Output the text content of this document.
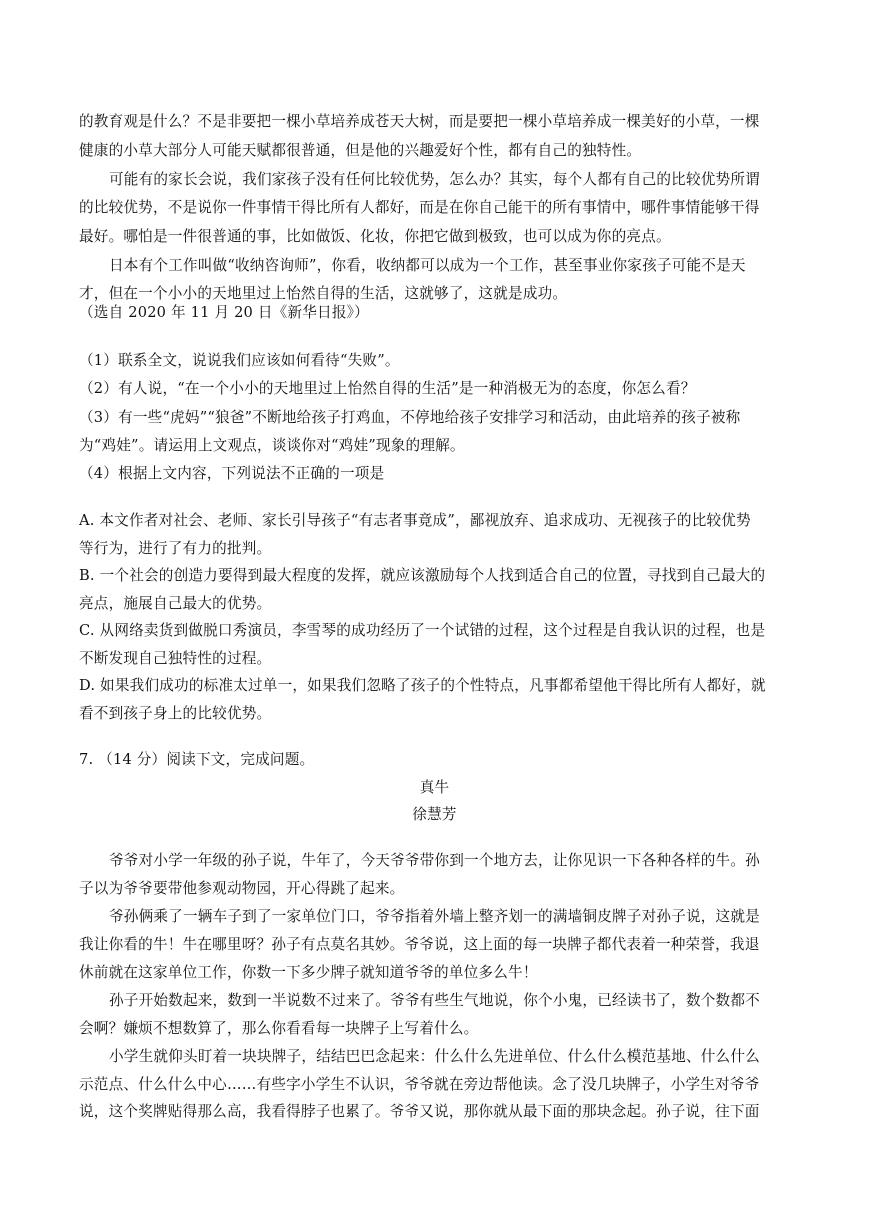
的教育观是什么？不是非要把一棵小草培养成苍天大树，而是要把一棵小草培养成一棵美好的小草，一棵
健康的小草大部分人可能天赋都很普通，但是他的兴趣爱好个性，都有自己的独特性。
可能有的家长会说，我们家孩子没有任何比较优势，怎么办？其实，每个人都有自己的比较优势所谓
的比较优势，不是说你一件事情干得比所有人都好，而是在你自己能干的所有事情中，哪件事情能够干得
最好。哪怕是一件很普通的事，比如做饭、化妆，你把它做到极致，也可以成为你的亮点。
日本有个工作叫做“收纳咨询师”，你看，收纳都可以成为一个工作，甚至事业你家孩子可能不是天
才，但在一个小小的天地里过上怡然自得的生活，这就够了，这就是成功。
（选自 2020 年 11 月 20 日《新华日报》）
（1）联系全文，说说我们应该如何看待“失败”。
（2）有人说，“在一个小小的天地里过上怡然自得的生活”是一种消极无为的态度，你怎么看？
（3）有一些“虎妈”“狼爸”不断地给孩子打鸡血，不停地给孩子安排学习和活动，由此培养的孩子被称
为“鸡娃”。请运用上文观点，谈谈你对“鸡娃”现象的理解。
（4）根据上文内容，下列说法不正确的一项是
A. 本文作者对社会、老师、家长引导孩子“有志者事竟成”，鄙视放弃、追求成功、无视孩子的比较优势
等行为，进行了有力的批判。
B. 一个社会的创造力要得到最大程度的发挥，就应该激励每个人找到适合自己的位置，寻找到自己最大的
亮点，施展自己最大的优势。
C. 从网络卖货到做脱口秀演员，李雪琴的成功经历了一个试错的过程，这个过程是自我认识的过程，也是
不断发现自己独特性的过程。
D. 如果我们成功的标准太过单一，如果我们忽略了孩子的个性特点，凡事都希望他干得比所有人都好，就
看不到孩子身上的比较优势。
7. （14 分）阅读下文，完成问题。
真牛
徐慧芳
爷爷对小学一年级的孙子说，牛年了，今天爷爷带你到一个地方去，让你见识一下各种各样的牛。孙
子以为爷爷要带他参观动物园，开心得跳了起来。
爷孙俩乘了一辆车子到了一家单位门口，爷爷指着外墙上整齐划一的满墙铜皮牌子对孙子说，这就是
我让你看的牛！牛在哪里呀？孙子有点莫名其妙。爷爷说，这上面的每一块牌子都代表着一种荣誉，我退
休前就在这家单位工作，你数一下多少牌子就知道爷爷的单位多么牛！
孙子开始数起来，数到一半说数不过来了。爷爷有些生气地说，你个小鬼，已经读书了，数个数都不
会啊？嫌烦不想数算了，那么你看看每一块牌子上写着什么。
小学生就仰头盯着一块块牌子，结结巴巴念起来：什么什么先进单位、什么什么模范基地、什么什么
示范点、什么什么中心……有些字小学生不认识，爷爷就在旁边帮他读。念了没几块牌子，小学生对爷爷
说，这个奖牌贴得那么高，我看得脖子也累了。爷爷又说，那你就从最下面的那块念起。孙子说，往下面
